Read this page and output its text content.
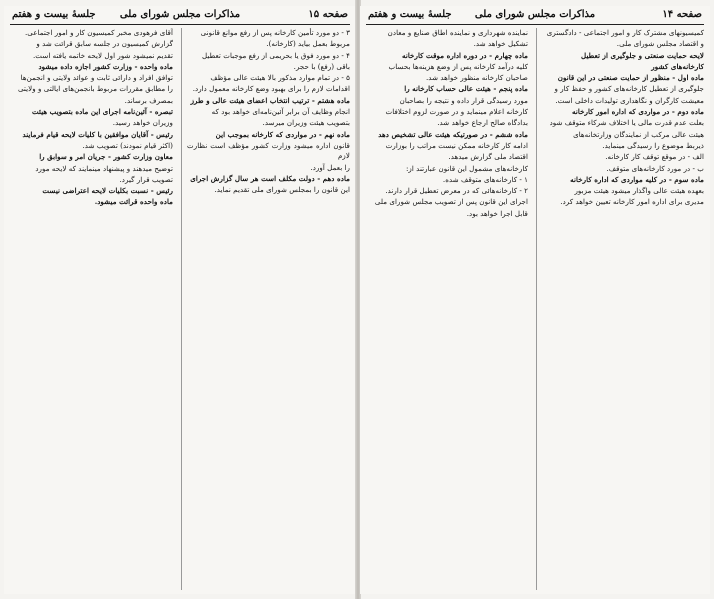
صفحه ۱۵
مذاکرات مجلس شورای ملی
جلسهٔ بیست و هفتم

۳ - دو مورد تأمین کارخانه پس از رفع موانع قانونی

مربوط بعمل بیاید (کارخانه).

۴ - دو مورد فوق یا بحریمی از رفع موجبات تعطیل

باقی (رفع) با حجر.

۵ - در تمام موارد مذکور بالا هیئت عالی مؤظف

اقدامات لازم را برای بهبود وضع کارخانه معمول دارد.

ماده هشتم - ترتیب انتخاب اعضای هیئت عالی و طرز

انجام وظایف آن برابر آئین‌نامه‌ای خواهد بود که

بتصویب هیئت وزیران میرسد.

ماده نهم - در مواردی که کارخانه بموجب این

قانون اداره میشود وزارت کشور مؤظف است نظارت لازم

را بعمل آورد.

ماده دهم - دولت مکلف است هر سال گزارش اجرای

این قانون را بمجلس شورای ملی تقدیم نماید.

آقای فرهودی مخبر کمیسیون کار و امور اجتماعی.

گزارش کمیسیون در جلسه سابق قرائت شد و

تقدیم نمیشود شور اول لایحه خاتمه یافته است.

ماده واحده - وزارت کشور اجازه داده میشود

توافق افراد و دارائی ثابت و عوائد ولایتی و انجمن‌ها

را مطابق مقررات مربوط بانجمن‌های ایالتی و ولایتی

بمصرف برساند.

تبصره - آئین‌نامه اجرای این ماده بتصویب هیئت

وزیران خواهد رسید.

رئیس - آقایان موافقین با کلیات لایحه قیام فرمایند

(اکثر قیام نمودند) تصویب شد.

معاون وزارت کشور - جریان امر و سوابق را

توضیح میدهند و پیشنهاد مینمایند که لایحه مورد

تصویب قرار گیرد.

رئیس - نسبت بکلیات لایحه اعتراضی نیست

ماده واحده قرائت میشود.

صفحه ۱۴
مذاکرات مجلس شورای ملی
جلسهٔ بیست و هفتم

کمیسیونهای مشترک کار و امور اجتماعی - دادگستری

و اقتصاد مجلس شورای ملی.

لایحه حمایت صنعتی و جلوگیری از تعطیل

کارخانه‌های کشور

ماده اول - منظور از حمایت صنعتی در این قانون

جلوگیری از تعطیل کارخانه‌های کشور و حفظ کار و

معیشت کارگران و نگاهداری تولیدات داخلی است.

ماده دوم - در مواردی که اداره امور کارخانه

بعلت عدم قدرت مالی یا اختلاف شرکاء متوقف شود

هیئت عالی مرکب از نمایندگان وزارتخانه‌های

ذیربط موضوع را رسیدگی مینماید.

الف - در موقع توقف کار کارخانه.

ب - در مورد کارخانه‌های متوقف.

ماده سوم - در کلیه مواردی که اداره کارخانه

بعهده هیئت عالی واگذار میشود هیئت مزبور

مدیری برای اداره امور کارخانه تعیین خواهد کرد.

نماینده شهرداری و نماینده اطاق صنایع و معادن

تشکیل خواهد شد.

ماده چهارم - در دوره اداره موقت کارخانه

کلیه درآمد کارخانه پس از وضع هزینه‌ها بحساب

صاحبان کارخانه منظور خواهد شد.

ماده پنجم - هیئت عالی حساب کارخانه را

مورد رسیدگی قرار داده و نتیجه را بصاحبان

کارخانه اعلام مینماید و در صورت لزوم اختلافات

بدادگاه صالح ارجاع خواهد شد.

ماده ششم - در صورتیکه هیئت عالی تشخیص دهد

ادامه کار کارخانه ممکن نیست مراتب را بوزارت

اقتصاد ملی گزارش میدهد.

کارخانه‌های مشمول این قانون عبارتند از:

۱ - کارخانه‌های متوقف شده.

۲ - کارخانه‌هائی که در معرض تعطیل قرار دارند.

اجرای این قانون پس از تصویب مجلس شورای ملی

قابل اجرا خواهد بود.
